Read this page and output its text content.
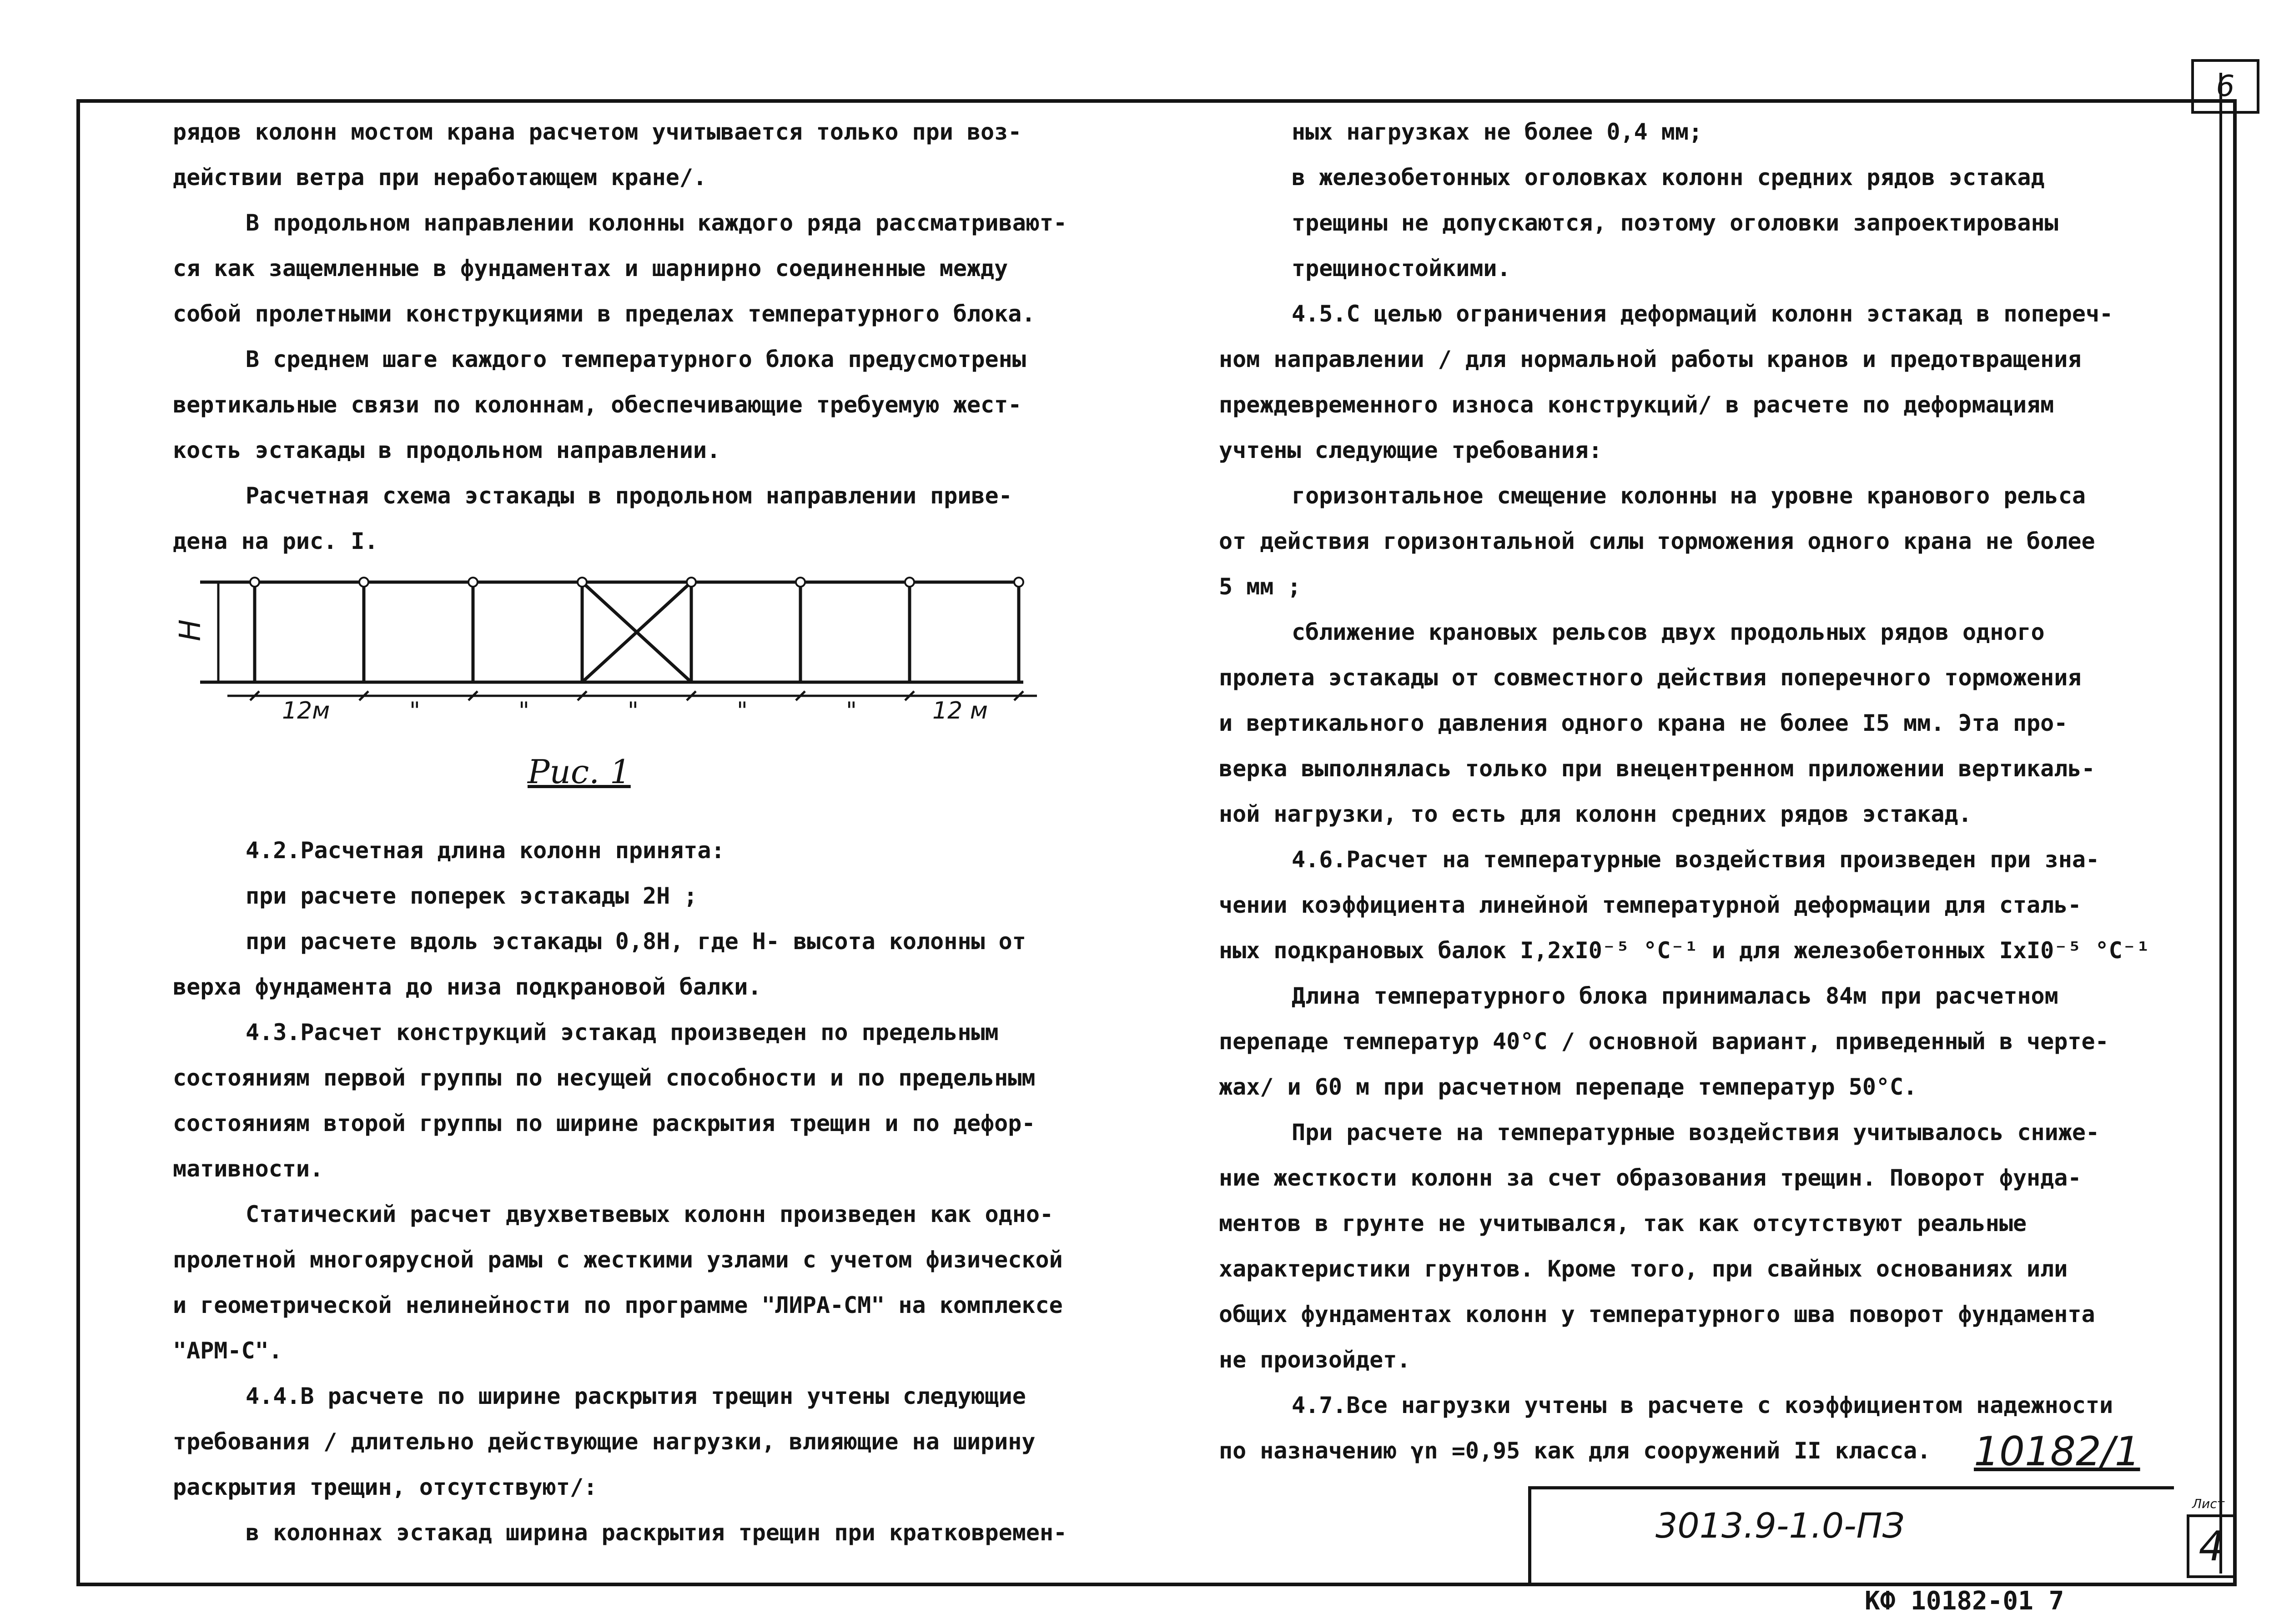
6

рядов колонн мостом крана расчетом учитывается только при воз-

действии ветра при неработающем кране/.

В продольном направлении колонны каждого ряда рассматривают-

ся как защемленные в фундаментах и шарнирно соединенные между

собой пролетными конструкциями в пределах температурного блока.

В среднем шаге каждого температурного блока предусмотрены

вертикальные связи по колоннам, обеспечивающие требуемую жест-

кость эстакады в продольном направлении.

Расчетная схема эстакады в продольном направлении приве-

дена на рис. I.

H
12м	"	"	"	"	"	12 м
Рис. 1

4.2.Расчетная длина колонн принята:

при расчете поперек эстакады 2H ;

при расчете вдоль эстакады 0,8H, где H- высота колонны от

верха фундамента до низа подкрановой балки.

4.3.Расчет конструкций эстакад произведен по предельным

состояниям первой группы по несущей способности и по предельным

состояниям второй группы по ширине раскрытия трещин и по дефор-

мативности.

Статический расчет двухветвевых колонн произведен как одно-

пролетной многоярусной рамы с жесткими узлами с учетом физической

и геометрической нелинейности по программе "ЛИРА-СМ" на комплексе

"АРМ-С".

4.4.В расчете по ширине раскрытия трещин учтены следующие

требования / длительно действующие нагрузки, влияющие на ширину

раскрытия трещин, отсутствуют/:

в колоннах эстакад ширина раскрытия трещин при кратковремен-

ных нагрузках не более 0,4 мм;

в железобетонных оголовках колонн средних рядов эстакад

трещины не допускаются, поэтому оголовки запроектированы

трещиностойкими.

4.5.С целью ограничения деформаций колонн эстакад в попереч-

ном направлении / для нормальной работы кранов и предотвращения

преждевременного износа конструкций/ в расчете по деформациям

учтены следующие требования:

горизонтальное смещение колонны на уровне кранового рельса

от действия горизонтальной силы торможения одного крана не более

5 мм ;

сближение крановых рельсов двух продольных рядов одного

пролета эстакады от совместного действия поперечного торможения

и вертикального давления одного крана не более I5 мм. Эта про-

верка выполнялась только при внецентренном приложении вертикаль-

ной нагрузки, то есть для колонн средних рядов эстакад.

4.6.Расчет на температурные воздействия произведен при зна-

чении коэффициента линейной температурной деформации для сталь-

ных подкрановых балок I,2xI0⁻⁵ °C⁻¹ и для железобетонных IxI0⁻⁵ °C⁻¹

Длина температурного блока принималась 84м при расчетном

перепаде температур 40°С / основной вариант, приведенный в черте-

жах/ и 60 м при расчетном перепаде температур 50°С.

При расчете на температурные воздействия учитывалось сниже-

ние жесткости колонн за счет образования трещин. Поворот фунда-

ментов в грунте не учитывался, так как отсутствуют реальные

характеристики грунтов. Кроме того, при свайных основаниях или

общих фундаментах колонн у температурного шва поворот фундамента

не произойдет.

4.7.Все нагрузки учтены в расчете с коэффициентом надежности

по назначению γn =0,95 как для сооружений II класса.	10182/1
3013.9-1.0-ПЗ
Лист
4
КФ 10182-01 7
